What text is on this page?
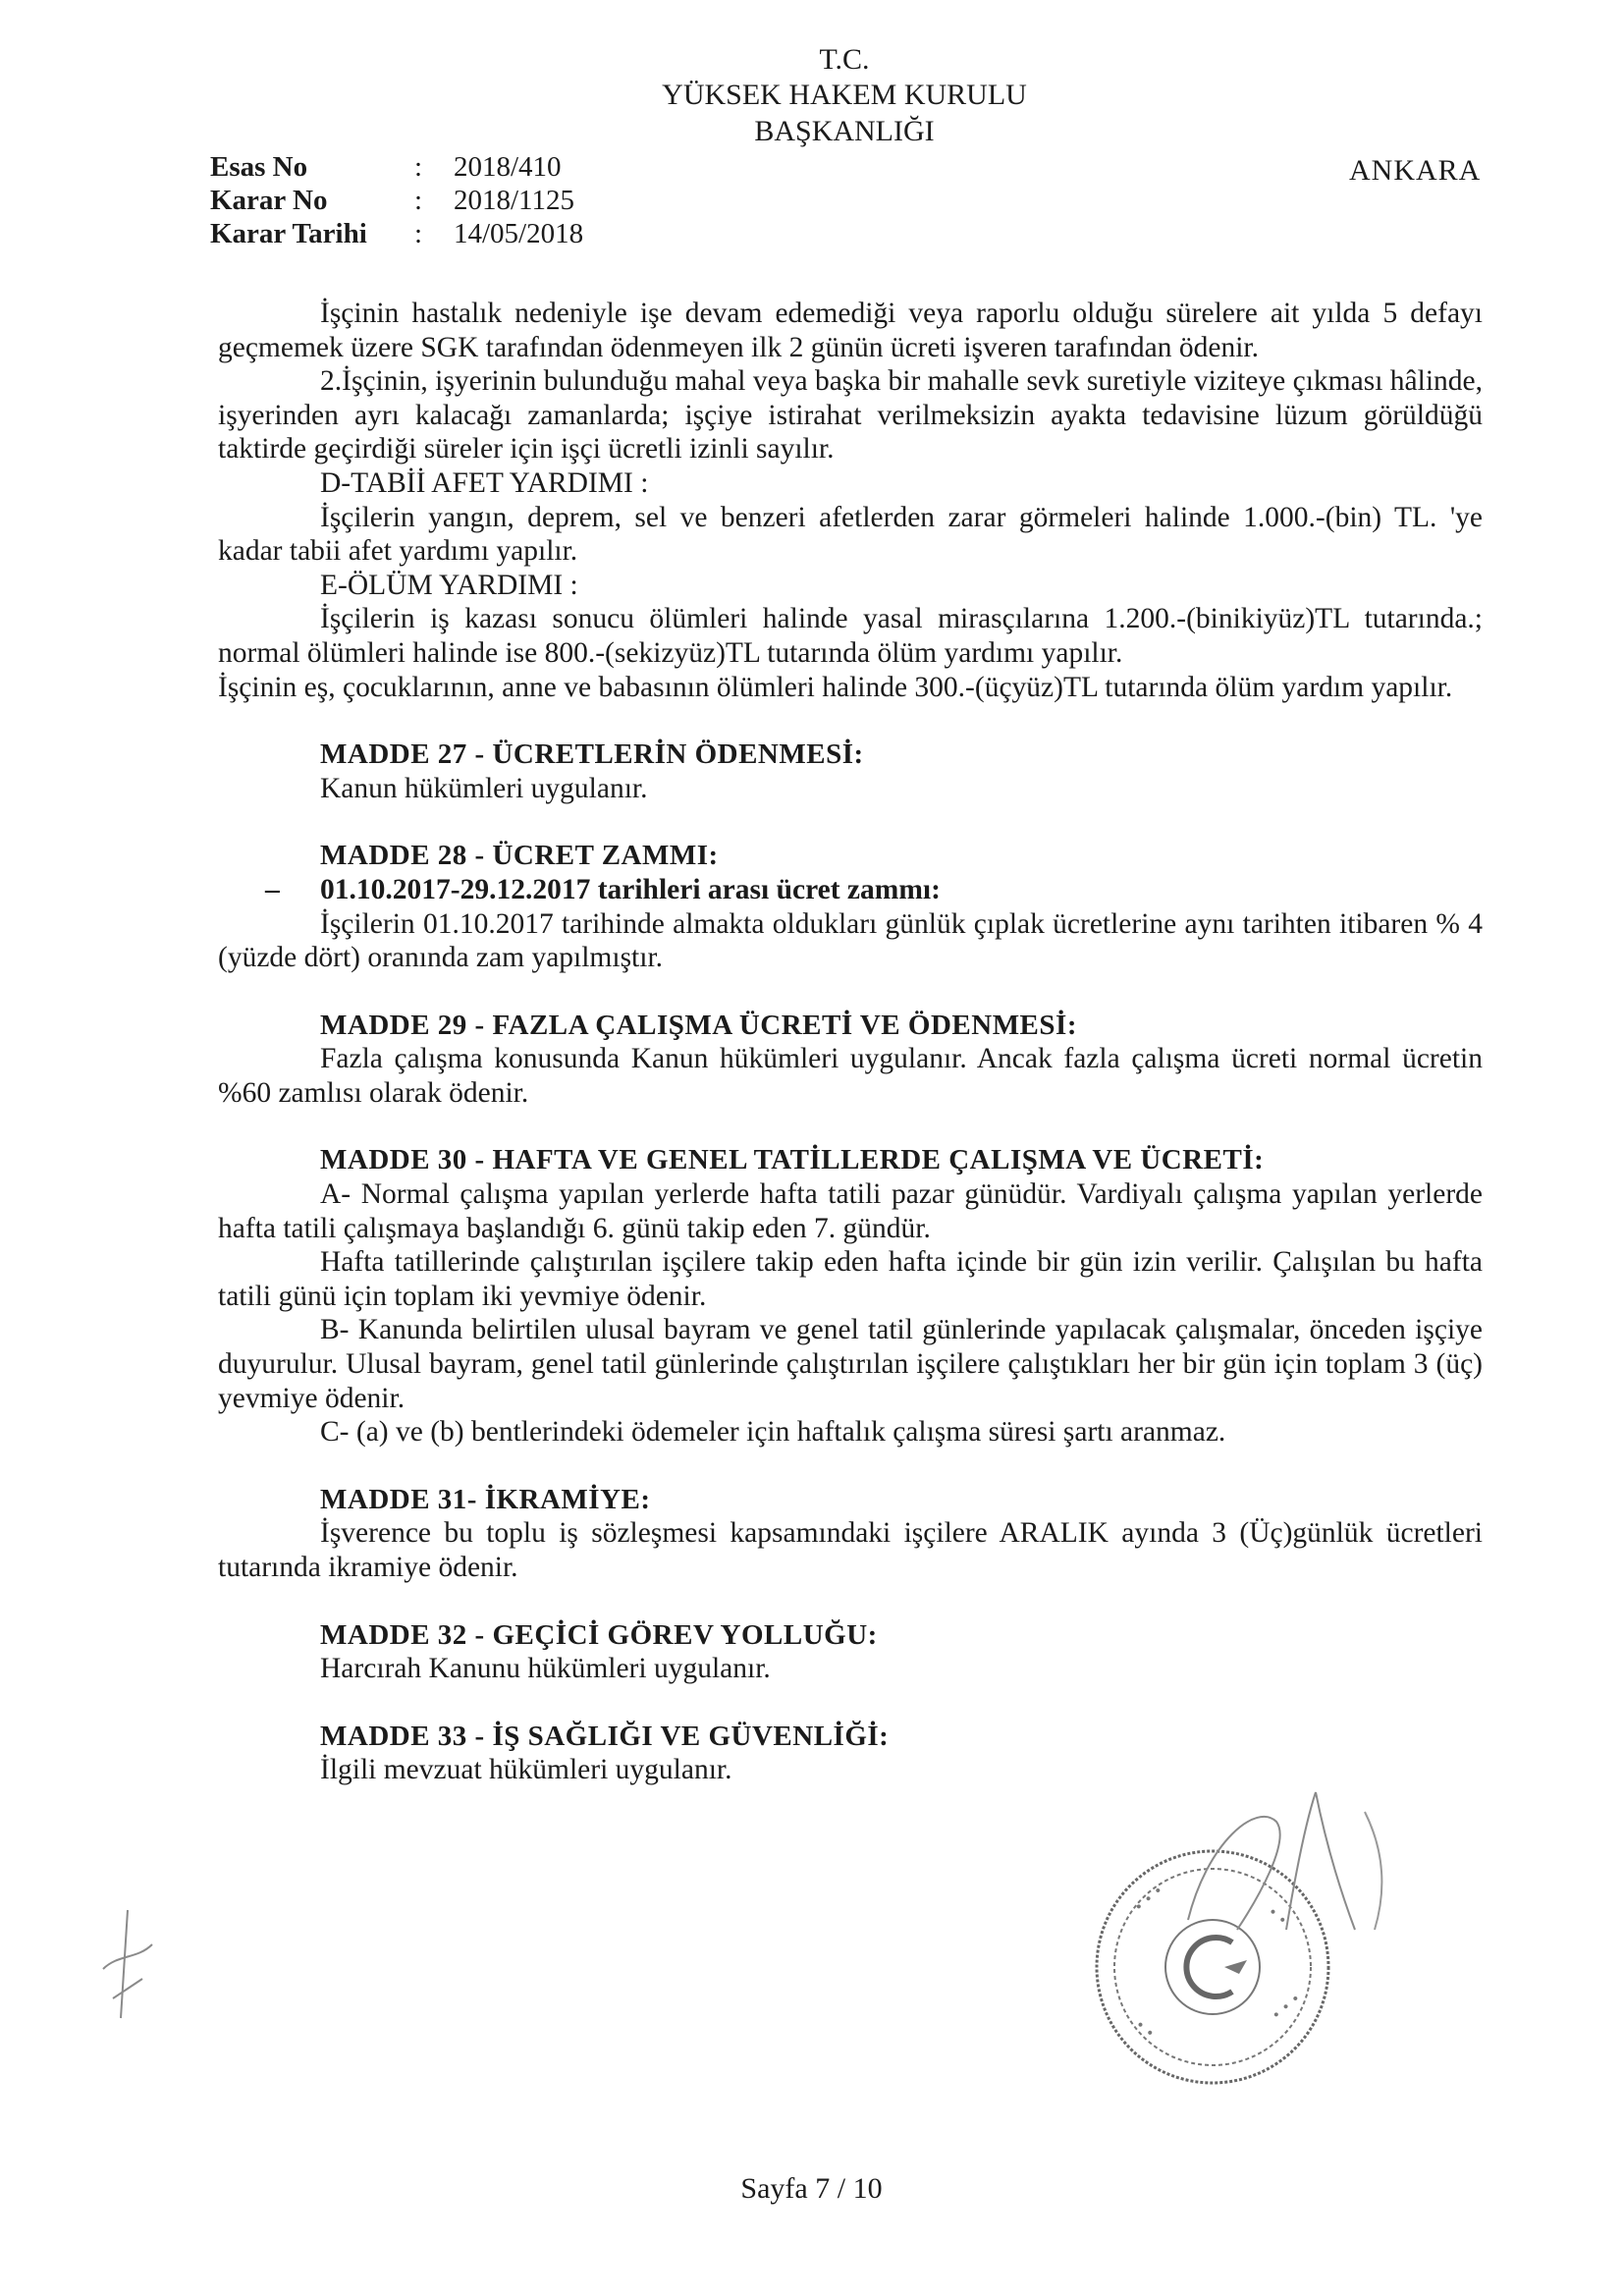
T.C.
YÜKSEK HAKEM KURULU
BAŞKANLIĞI
Esas No	:	2018/410
Karar No	:	2018/1125
Karar Tarihi	:	14/05/2018
ANKARA

İşçinin hastalık nedeniyle işe devam edemediği veya raporlu olduğu sürelere ait yılda 5 defayı geçmemek üzere SGK tarafından ödenmeyen ilk 2 günün ücreti işveren tarafından ödenir.

2.İşçinin, işyerinin bulunduğu mahal veya başka bir mahalle sevk suretiyle viziteye çıkması hâlinde, işyerinden ayrı kalacağı zamanlarda; işçiye istirahat verilmeksizin ayakta tedavisine lüzum görüldüğü taktirde geçirdiği süreler için işçi ücretli izinli sayılır.

D-TABİİ AFET YARDIMI :

İşçilerin yangın, deprem, sel ve benzeri afetlerden zarar görmeleri halinde 1.000.-(bin) TL. 'ye kadar tabii afet yardımı yapılır.

E-ÖLÜM YARDIMI :

İşçilerin iş kazası sonucu ölümleri halinde yasal mirasçılarına 1.200.-(binikiyüz)TL tutarında.; normal ölümleri halinde ise 800.-(sekizyüz)TL tutarında ölüm yardımı yapılır.

İşçinin eş, çocuklarının, anne ve babasının ölümleri halinde 300.-(üçyüz)TL tutarında ölüm yardım yapılır.

MADDE 27 - ÜCRETLERİN ÖDENMESİ:

Kanun hükümleri uygulanır.

MADDE 28 - ÜCRET ZAMMI:

– 01.10.2017-29.12.2017 tarihleri arası ücret zammı:

İşçilerin 01.10.2017 tarihinde almakta oldukları günlük çıplak ücretlerine aynı tarihten itibaren % 4 (yüzde dört) oranında zam yapılmıştır.

MADDE 29 - FAZLA ÇALIŞMA ÜCRETİ VE ÖDENMESİ:

Fazla çalışma konusunda Kanun hükümleri uygulanır. Ancak fazla çalışma ücreti normal ücretin %60 zamlısı olarak ödenir.

MADDE 30 - HAFTA VE GENEL TATİLLERDE ÇALIŞMA VE ÜCRETİ:

A- Normal çalışma yapılan yerlerde hafta tatili pazar günüdür. Vardiyalı çalışma yapılan yerlerde hafta tatili çalışmaya başlandığı 6. günü takip eden 7. gündür.

Hafta tatillerinde çalıştırılan işçilere takip eden hafta içinde bir gün izin verilir. Çalışılan bu hafta tatili günü için toplam iki yevmiye ödenir.

B- Kanunda belirtilen ulusal bayram ve genel tatil günlerinde yapılacak çalışmalar, önceden işçiye duyurulur. Ulusal bayram, genel tatil günlerinde çalıştırılan işçilere çalıştıkları her bir gün için toplam 3 (üç) yevmiye ödenir.

C- (a) ve (b) bentlerindeki ödemeler için haftalık çalışma süresi şartı aranmaz.

MADDE 31- İKRAMİYE:

İşverence bu toplu iş sözleşmesi kapsamındaki işçilere ARALIK ayında 3 (Üç)günlük ücretleri tutarında ikramiye ödenir.

MADDE 32 - GEÇİCİ GÖREV YOLLUĞU:

Harcırah Kanunu hükümleri uygulanır.

MADDE 33 - İŞ SAĞLIĞI VE GÜVENLİĞİ:

İlgili mevzuat hükümleri uygulanır.

• • •
• •
• • •
• •
Sayfa 7 / 10
